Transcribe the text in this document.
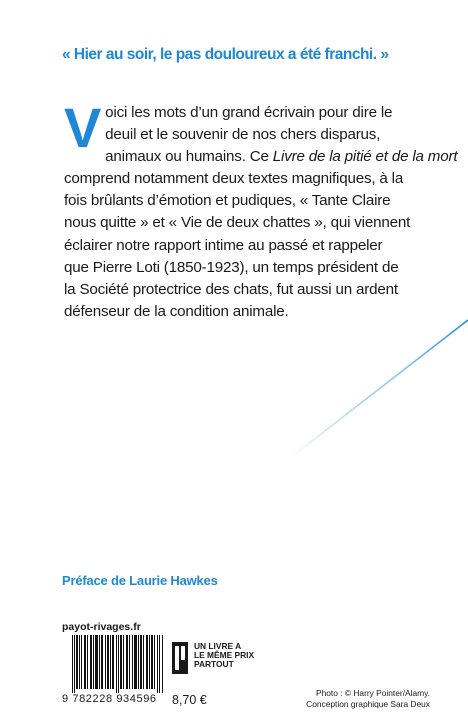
« Hier au soir, le pas douloureux a été franchi. »
V oici les mots d’un grand écrivain pour dire le
deuil et le souvenir de nos chers disparus,
animaux ou humains. Ce Livre de la pitié et de la mort
comprend notamment deux textes magnifiques, à la
fois brûlants d’émotion et pudiques, « Tante Claire
nous quitte » et « Vie de deux chattes », qui viennent
éclairer notre rapport intime au passé et rappeler
que Pierre Loti (1850-1923), un temps président de
la Société protectrice des chats, fut aussi un ardent
défenseur de la condition animale.
Préface de Laurie Hawkes
payot-rivages.fr
9 782228 934596
UN LIVRE A
LE MÊME PRIX
PARTOUT
8,70 €	Photo : © Harry Pointer/Alamy.
Conception graphique Sara Deux
